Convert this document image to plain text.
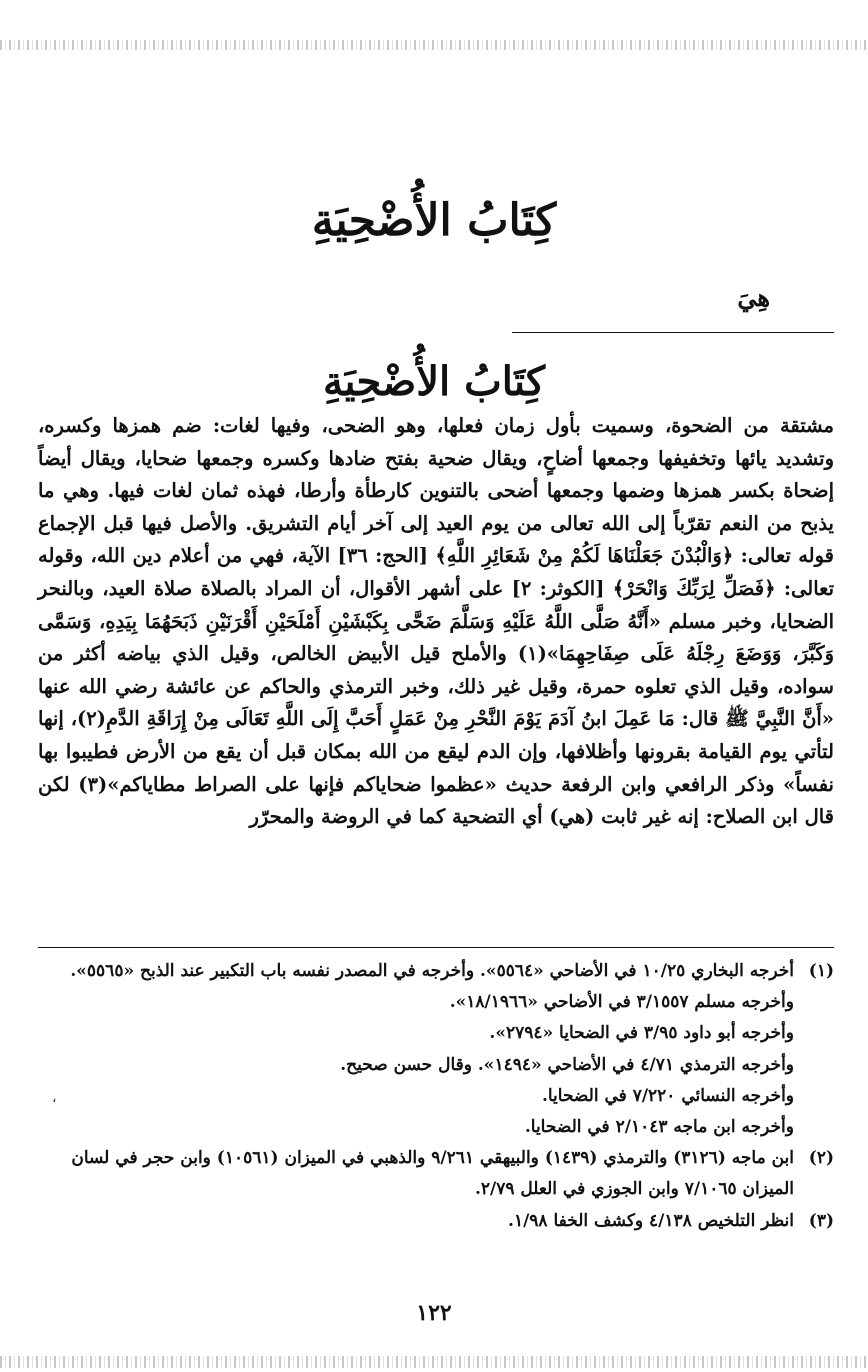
كِتَابُ الأُضْحِيَةِ
هِيَ
كِتَابُ الأُضْحِيَةِ

مشتقة من الضحوة، وسميت بأول زمان فعلها، وهو الضحى، وفيها لغات: ضم همزها وكسره، وتشديد يائها وتخفيفها وجمعها أضاحٍ، ويقال ضحية بفتح ضادها وكسره وجمعها ضحايا، ويقال أيضاً إضحاة بكسر همزها وضمها وجمعها أضحى بالتنوين كارطأة وأرطا، فهذه ثمان لغات فيها. وهي ما يذبح من النعم تقرّباً إلى الله تعالى من يوم العيد إلى آخر أيام التشريق. والأصل فيها قبل الإجماع قوله تعالى: ﴿وَالْبُدْنَ جَعَلْنَاهَا لَكُمْ مِنْ شَعَائِرِ اللَّهِ﴾ [الحج: ٣٦] الآية، فهي من أعلام دين الله، وقوله تعالى: ﴿فَصَلِّ لِرَبِّكَ وَانْحَرْ﴾ [الكوثر: ٢] على أشهر الأقوال، أن المراد بالصلاة صلاة العيد، وبالنحر الضحايا، وخبر مسلم «أَنَّهُ صَلَّى اللَّهُ عَلَيْهِ وَسَلَّمَ ضَحَّى بِكَبْشَيْنِ أَمْلَحَيْنِ أَقْرَنَيْنِ ذَبَحَهُمَا بِيَدِهِ، وَسَمَّى وَكَبَّرَ، وَوَضَعَ رِجْلَهُ عَلَى صِفَاحِهِمَا»(١) والأملح قيل الأبيض الخالص، وقيل الذي بياضه أكثر من سواده، وقيل الذي تعلوه حمرة، وقيل غير ذلك، وخبر الترمذي والحاكم عن عائشة رضي الله عنها «أَنَّ النَّبِيَّ ﷺ قال: مَا عَمِلَ ابنُ آدَمَ يَوْمَ النَّحْرِ مِنْ عَمَلٍ أَحَبَّ إِلَى اللَّهِ تَعَالَى مِنْ إِرَاقَةِ الدَّمِ(٢)، إنها لتأتي يوم القيامة بقرونها وأظلافها، وإن الدم ليقع من الله بمكان قبل أن يقع من الأرض فطيبوا بها نفساً» وذكر الرافعي وابن الرفعة حديث «عظموا ضحاياكم فإنها على الصراط مطاياكم»(٣) لكن قال ابن الصلاح: إنه غير ثابت (هي) أي التضحية كما في الروضة والمحرّر

(١)
أخرجه البخاري ١٠/٢٥ في الأضاحي «٥٥٦٤». وأخرجه في المصدر نفسه باب التكبير عند الذبح «٥٥٦٥».
وأخرجه مسلم ٣/١٥٥٧ في الأضاحي «١٨/١٩٦٦».
وأخرجه أبو داود ٣/٩٥ في الضحايا «٢٧٩٤».
وأخرجه الترمذي ٤/٧١ في الأضاحي «١٤٩٤». وقال حسن صحيح.
وأخرجه النسائي ٧/٢٢٠ في الضحايا.
وأخرجه ابن ماجه ٢/١٠٤٣ في الضحايا.
(٢)
ابن ماجه (٣١٢٦) والترمذي (١٤٣٩) والبيهقي ٩/٢٦١ والذهبي في الميزان (١٠٥٦١) وابن حجر في لسان الميزان ٧/١٠٦٥ وابن الجوزي في العلل ٢/٧٩.
(٣)
انظر التلخيص ٤/١٣٨ وكشف الخفا ١/٩٨.
،
١٢٢
